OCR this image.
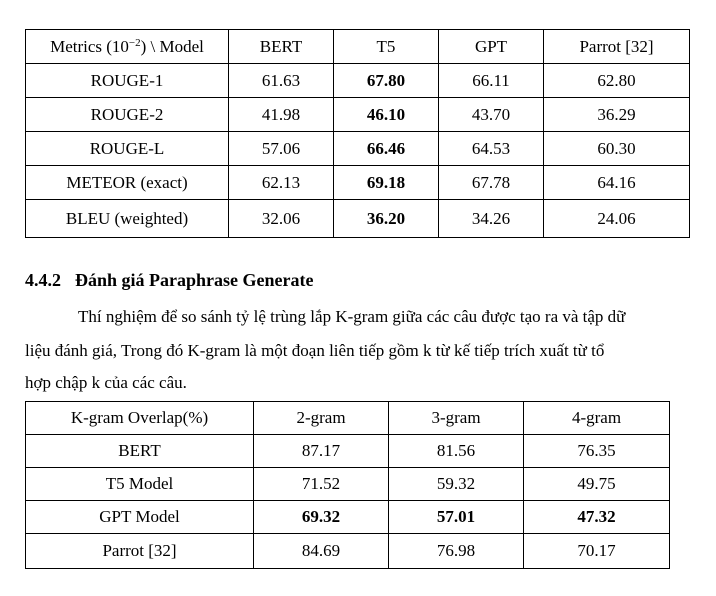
Metrics $(10^{-2})$ \ Model	BERT	T5	GPT	Parrot [32]
ROUGE-1	61.63	67.80	66.11	62.80
ROUGE-2	41.98	46.10	43.70	36.29
ROUGE-L	57.06	66.46	64.53	60.30
METEOR (exact)	62.13	69.18	67.78	64.16
BLEU (weighted)	32.06	36.20	34.26	24.06
4.4.2 Đánh giá Paraphrase Generate
Thí nghiệm để so sánh tỷ lệ trùng lắp K-gram giữa các câu được tạo ra và tập dữ
liệu đánh giá, Trong đó K-gram là một đoạn liên tiếp gồm k từ kế tiếp trích xuất từ tổ
hợp chập k của các câu.
K-gram Overlap(%)	2-gram	3-gram	4-gram
BERT	87.17	81.56	76.35
T5 Model	71.52	59.32	49.75
GPT Model	69.32	57.01	47.32
Parrot [32]	84.69	76.98	70.17
